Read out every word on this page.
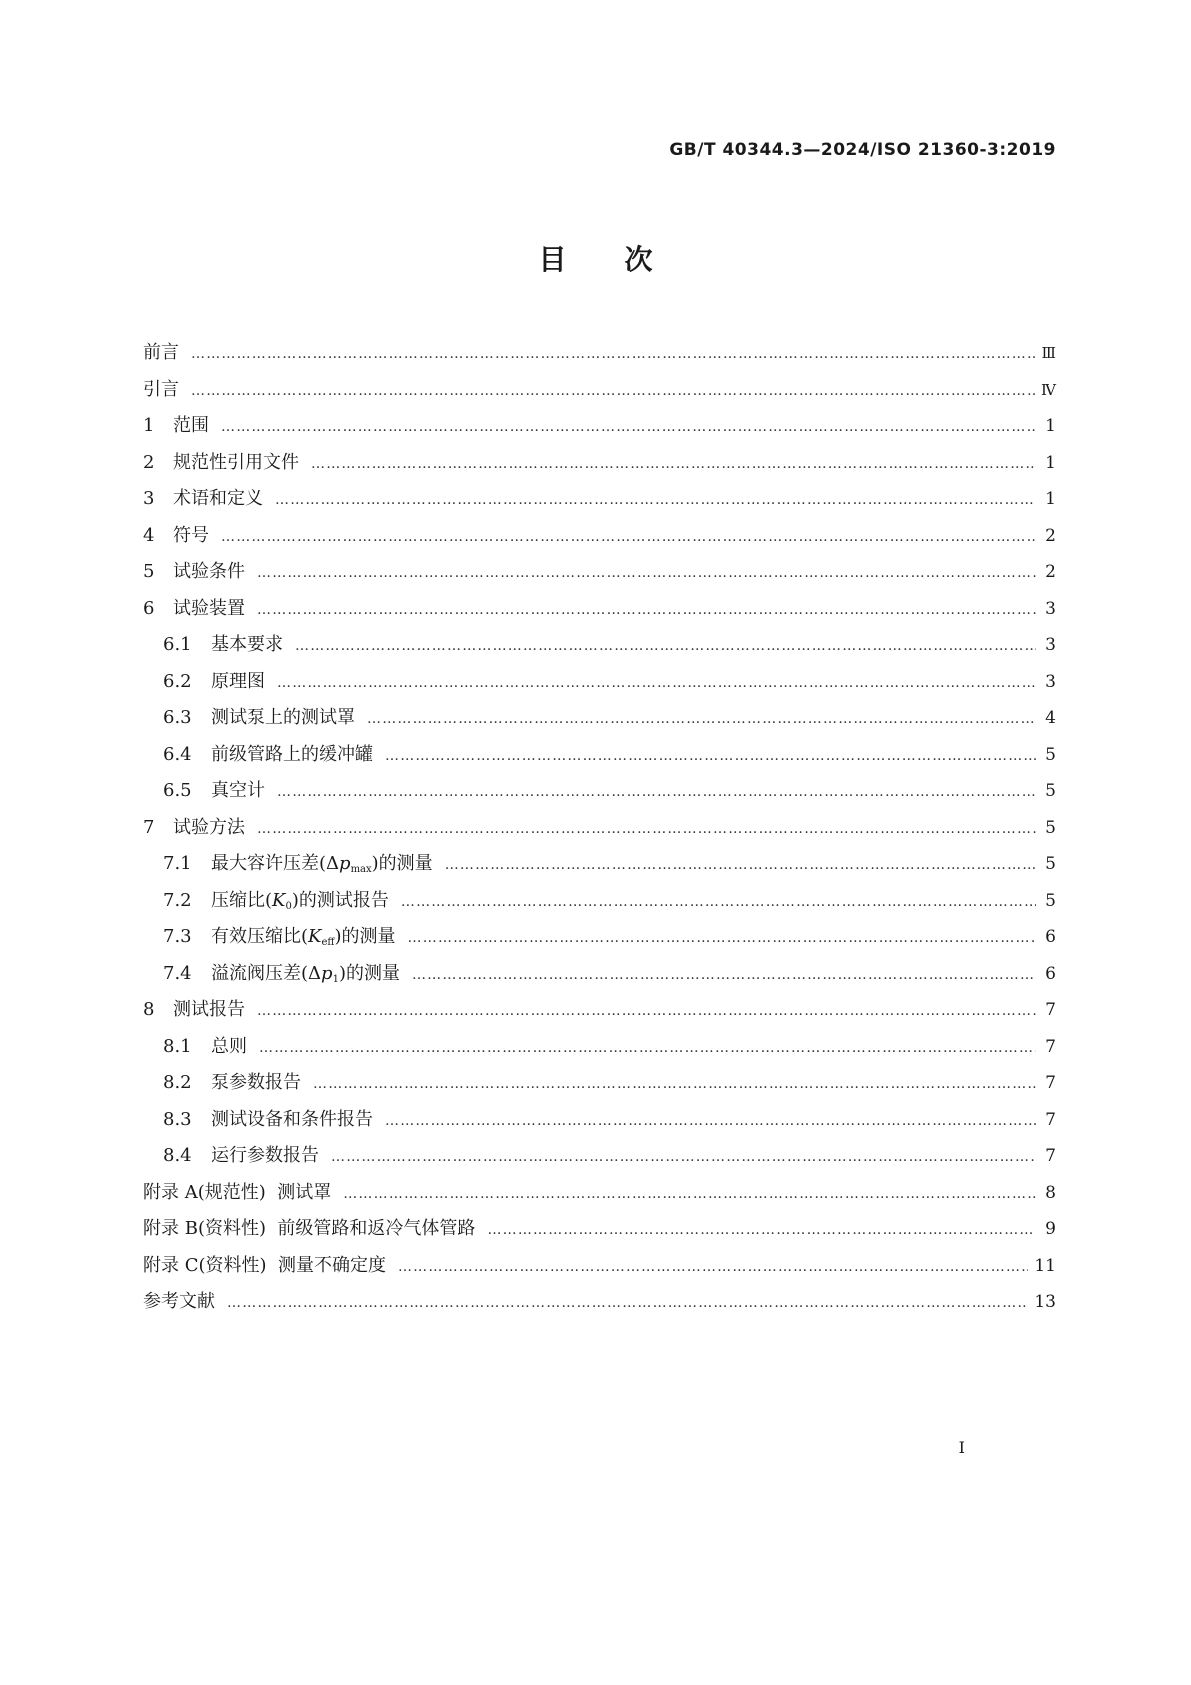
GB/T 40344.3—2024/ISO 21360-3:2019
目次
前言 …………………………………………………………………………………………………………………………………………………………………………………	Ⅲ
引言 …………………………………………………………………………………………………………………………………………………………………………………	Ⅳ
1	范围 …………………………………………………………………………………………………………………………………………………………………………………	1
2	规范性引用文件 …………………………………………………………………………………………………………………………………………………………………………………	1
3	术语和定义 …………………………………………………………………………………………………………………………………………………………………………………	1
4	符号 …………………………………………………………………………………………………………………………………………………………………………………	2
5	试验条件 …………………………………………………………………………………………………………………………………………………………………………………	2
6	试验装置 …………………………………………………………………………………………………………………………………………………………………………………	3
6.1	基本要求 …………………………………………………………………………………………………………………………………………………………………………………	3
6.2	原理图 …………………………………………………………………………………………………………………………………………………………………………………	3
6.3	测试泵上的测试罩 …………………………………………………………………………………………………………………………………………………………………………………	4
6.4	前级管路上的缓冲罐 …………………………………………………………………………………………………………………………………………………………………………………	5
6.5	真空计 …………………………………………………………………………………………………………………………………………………………………………………	5
7	试验方法 …………………………………………………………………………………………………………………………………………………………………………………	5
7.1	最大容许压差$(\Delta p_{max})$的测量 …………………………………………………………………………………………………………………………………………………………………………………	5
7.2	压缩比$(K_0)$的测试报告 …………………………………………………………………………………………………………………………………………………………………………………	5
7.3	有效压缩比$(K_{eff})$的测量 …………………………………………………………………………………………………………………………………………………………………………………	6
7.4	溢流阀压差$(\Delta p_1)$的测量 …………………………………………………………………………………………………………………………………………………………………………………	6
8	测试报告 …………………………………………………………………………………………………………………………………………………………………………………	7
8.1	总则 …………………………………………………………………………………………………………………………………………………………………………………	7
8.2	泵参数报告 …………………………………………………………………………………………………………………………………………………………………………………	7
8.3	测试设备和条件报告 …………………………………………………………………………………………………………………………………………………………………………………	7
8.4	运行参数报告 …………………………………………………………………………………………………………………………………………………………………………………	7
附录 A(规范性)  测试罩 …………………………………………………………………………………………………………………………………………………………………………………	8
附录 B(资料性)  前级管路和返冷气体管路 …………………………………………………………………………………………………………………………………………………………………………………	9
附录 C(资料性)  测量不确定度 …………………………………………………………………………………………………………………………………………………………………………………	11
参考文献 …………………………………………………………………………………………………………………………………………………………………………………	13
I
